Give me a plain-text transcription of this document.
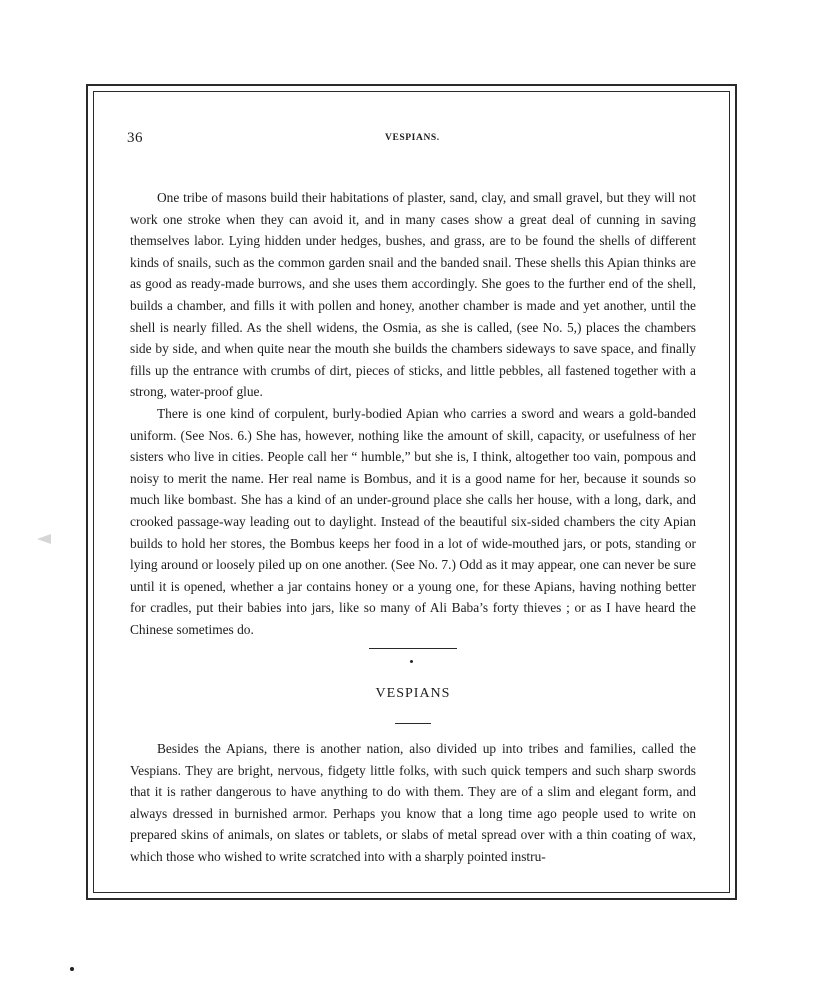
36	VESPIANS.

One tribe of masons build their habitations of plaster, sand, clay, and small gravel, but they will not work one stroke when they can avoid it, and in many cases show a great deal of cunning in saving themselves labor. Lying hidden under hedges, bushes, and grass, are to be found the shells of different kinds of snails, such as the common garden snail and the banded snail. These shells this Apian thinks are as good as ready-made burrows, and she uses them accordingly. She goes to the further end of the shell, builds a chamber, and fills it with pollen and honey, another chamber is made and yet another, until the shell is nearly filled. As the shell widens, the Osmia, as she is called, (see No. 5,) places the chambers side by side, and when quite near the mouth she builds the chambers sideways to save space, and finally fills up the entrance with crumbs of dirt, pieces of sticks, and little pebbles, all fastened together with a strong, water-proof glue.

There is one kind of corpulent, burly-bodied Apian who carries a sword and wears a gold-banded uniform. (See Nos. 6.) She has, however, nothing like the amount of skill, capacity, or usefulness of her sisters who live in cities. People call her “ humble,” but she is, I think, altogether too vain, pompous and noisy to merit the name. Her real name is Bombus, and it is a good name for her, because it sounds so much like bombast. She has a kind of an under-ground place she calls her house, with a long, dark, and crooked passage-way leading out to daylight. Instead of the beautiful six-sided chambers the city Apian builds to hold her stores, the Bombus keeps her food in a lot of wide-mouthed jars, or pots, standing or lying around or loosely piled up on one another. (See No. 7.) Odd as it may appear, one can never be sure until it is opened, whether a jar contains honey or a young one, for these Apians, having nothing better for cradles, put their babies into jars, like so many of Ali Baba’s forty thieves ; or as I have heard the Chinese sometimes do.

VESPIANS

Besides the Apians, there is another nation, also divided up into tribes and families, called the Vespians. They are bright, nervous, fidgety little folks, with such quick tempers and such sharp swords that it is rather dangerous to have anything to do with them. They are of a slim and elegant form, and always dressed in burnished armor. Perhaps you know that a long time ago people used to write on prepared skins of animals, on slates or tablets, or slabs of metal spread over with a thin coating of wax, which those who wished to write scratched into with a sharply pointed instru-
